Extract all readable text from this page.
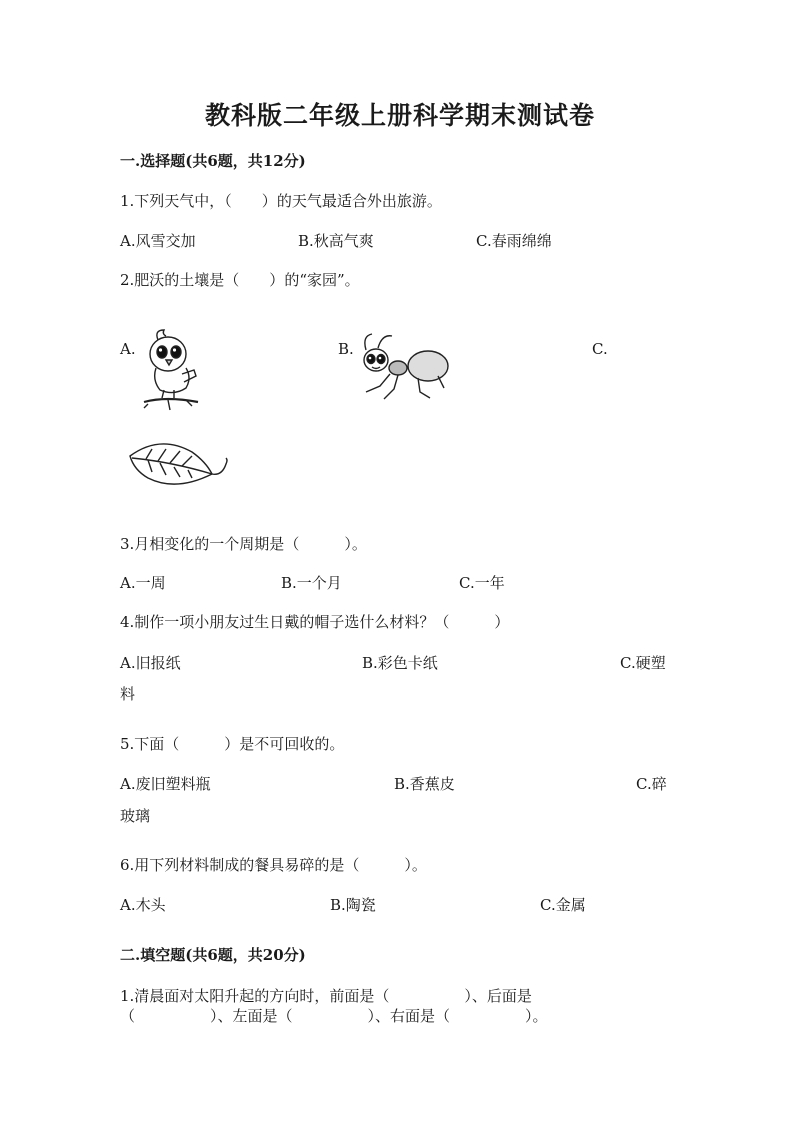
教科版二年级上册科学期末测试卷
一.选择题(共6题，共12分)
1.下列天气中，（　　）的天气最适合外出旅游。
A.风雪交加	B.秋高气爽	C.春雨绵绵
2.肥沃的土壤是（　　）的“家园”。
A.	B.	C.
3.月相变化的一个周期是（　　　）。
A.一周	B.一个月	C.一年
4.制作一项小朋友过生日戴的帽子选什么材料？（　　　）
A.旧报纸	B.彩色卡纸	C.硬塑
料
5.下面（　　　）是不可回收的。
A.废旧塑料瓶	B.香蕉皮	C.碎
玻璃
6.用下列材料制成的餐具易碎的是（　　　）。
A.木头	B.陶瓷	C.金属
二.填空题(共6题，共20分)
1.清晨面对太阳升起的方向时，前面是（　　　　　）、后面是
（　　　　　）、左面是（　　　　　）、右面是（　　　　　）。
